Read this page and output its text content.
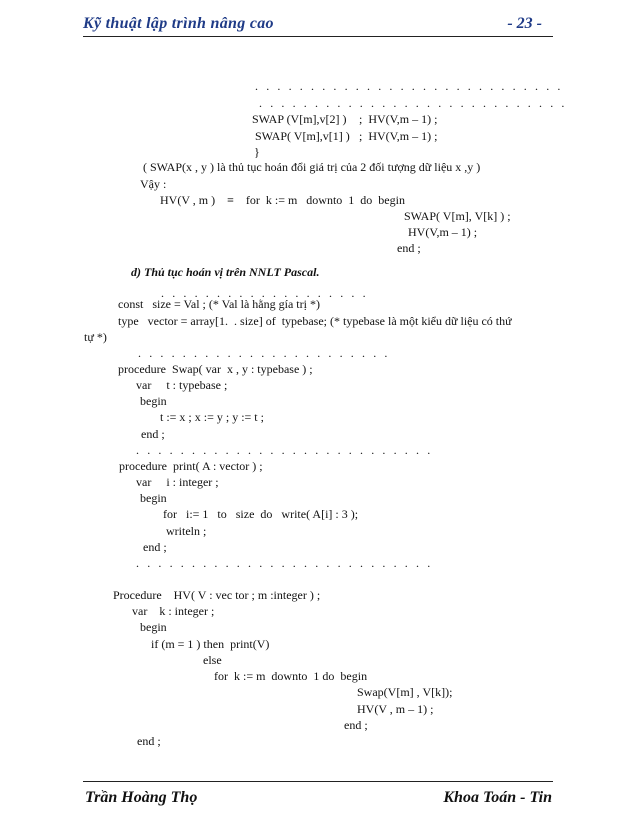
Kỹ thuật lập trình nâng cao	- 23 -
. . . . . . . . . . . . . . . . . . . . . . . . . . . .
. . . . . . . . . . . . . . . . . . . . . . . . . . . .
SWAP (V[m],v[2] ) ;  HV(V,m – 1) ;
SWAP( V[m],v[1] ) ;  HV(V,m – 1) ;
}
( SWAP(x , y ) là thủ tục hoán đổi giá trị của 2 đối tượng dữ liệu x ,y )
Vậy :
HV(V , m )    ≡    for  k := m   downto  1  do  begin
SWAP( V[m], V[k] ) ;
HV(V,m – 1) ;
end ;
d) Thủ tục hoán vị trên NNLT Pascal.
. . . . . . . . . . . . . . . . . . .
const   size = Val ; (* Val là hằng gía trị *)
type   vector = array[1.  . size] of  typebase; (* typebase là một kiểu dữ liệu có thứ
tự *)
. . . . . . . . . . . . . . . . . . . . . . .
procedure  Swap( var  x , y : typebase ) ;
var     t : typebase ;
begin
t := x ; x := y ; y := t ;
end ;
. . . . . . . . . . . . . . . . . . . . . . . . . . .
procedure  print( A : vector ) ;
var     i : integer ;
begin
for   i:= 1   to   size  do   write( A[i] : 3 );
writeln ;
end ;
. . . . . . . . . . . . . . . . . . . . . . . . . . .
Procedure    HV( V : vec tor ; m :integer ) ;
var    k : integer ;
begin
if (m = 1 ) then  print(V)
else
for  k := m  downto  1 do  begin
Swap(V[m] , V[k]);
HV(V , m – 1) ;
end ;
end ;
Trần Hoàng Thọ	Khoa Toán - Tin
